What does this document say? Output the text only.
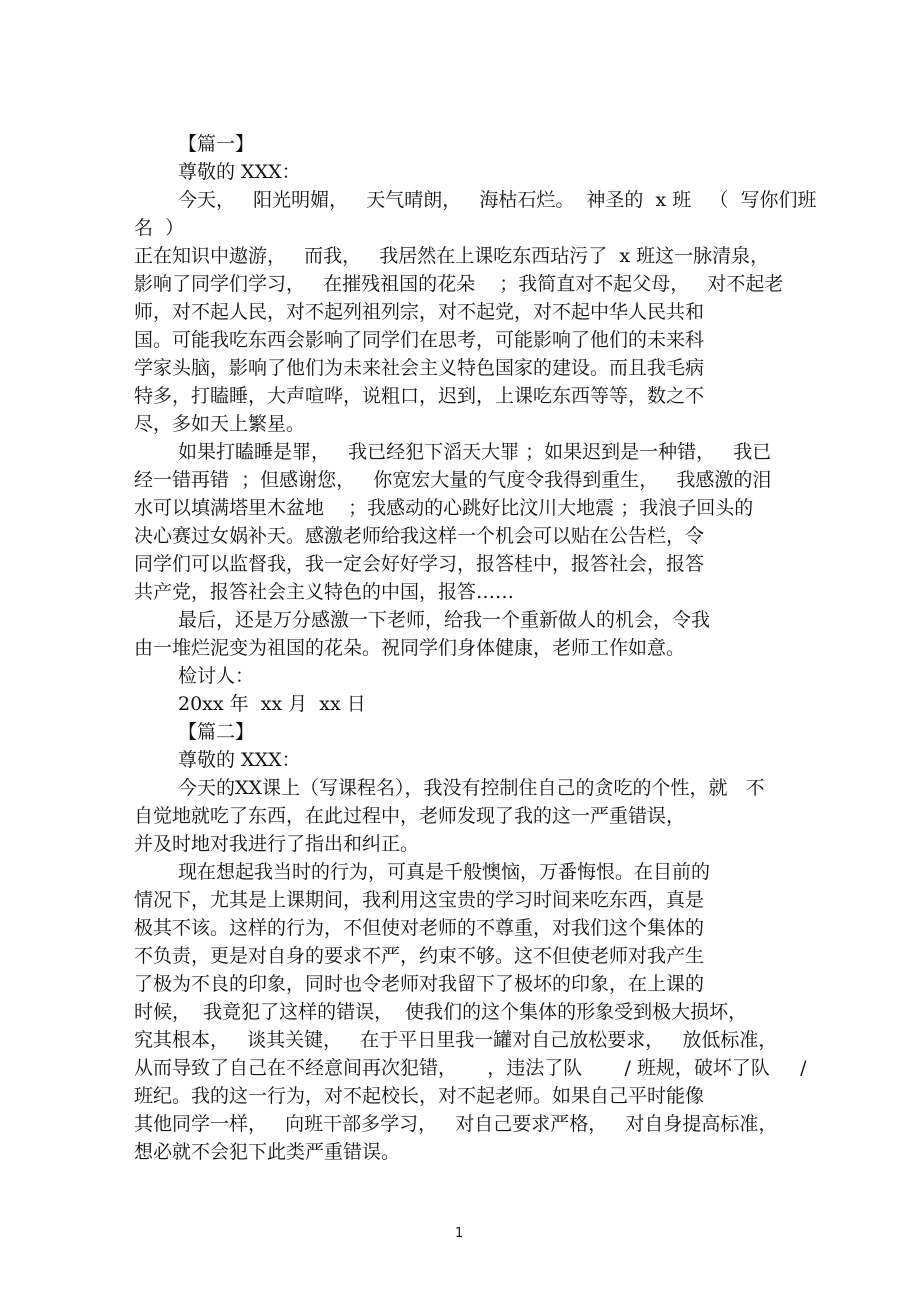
【篇一】
尊敬的 XXX：
今天，   阳光明媚，   天气晴朗，   海枯石烂。  神圣的  x 班   （  写你们班
名  ）
正在知识中遨游，   而我，   我居然在上课吃东西玷污了  x 班这一脉清泉，
影响了同学们学习，   在摧残祖国的花朵    ；我简直对不起父母，   对不起老
师，对不起人民，对不起列祖列宗，对不起党，对不起中华人民共和
国。可能我吃东西会影响了同学们在思考，可能影响了他们的未来科
学家头脑，影响了他们为未来社会主义特色国家的建设。而且我毛病
特多，打瞌睡，大声喧哗，说粗口，迟到，上课吃东西等等，数之不
尽，多如天上繁星。
如果打瞌睡是罪，   我已经犯下滔天大罪 ；如果迟到是一种错，   我已
经一错再错  ；但感谢您，   你宽宏大量的气度令我得到重生，   我感激的泪
水可以填满塔里木盆地    ；我感动的心跳好比汶川大地震 ；我浪子回头的
决心赛过女娲补天。感激老师给我这样一个机会可以贴在公告栏，令
同学们可以监督我，我一定会好好学习，报答桂中，报答社会，报答
共产党，报答社会主义特色的中国，报答……
最后，还是万分感激一下老师，给我一个重新做人的机会，令我
由一堆烂泥变为祖国的花朵。祝同学们身体健康，老师工作如意。
检讨人：
20xx 年  xx 月  xx 日
【篇二】
尊敬的 XXX：
今天的XX课上（写课程名），我没有控制住自己的贪吃的个性，就   不
自觉地就吃了东西，在此过程中，老师发现了我的这一严重错误，
并及时地对我进行了指出和纠正。
现在想起我当时的行为，可真是千般懊恼，万番悔恨。在目前的
情况下，尤其是上课期间，我利用这宝贵的学习时间来吃东西，真是
极其不该。这样的行为，不但使对老师的不尊重，对我们这个集体的
不负责，更是对自身的要求不严，约束不够。这不但使老师对我产生
了极为不良的印象，同时也令老师对我留下了极坏的印象，在上课的
时候，  我竟犯了这样的错误，  使我们的这个集体的形象受到极大损坏，
究其根本，   谈其关键，   在于平日里我一罐对自己放松要求，   放低标准，
从而导致了自己在不经意间再次犯错，     ，违法了队       / 班规，破坏了队     /
班纪。我的这一行为，对不起校长，对不起老师。如果自己平时能像
其他同学一样，   向班干部多学习，   对自己要求严格，   对自身提高标准，
想必就不会犯下此类严重错误。
1
